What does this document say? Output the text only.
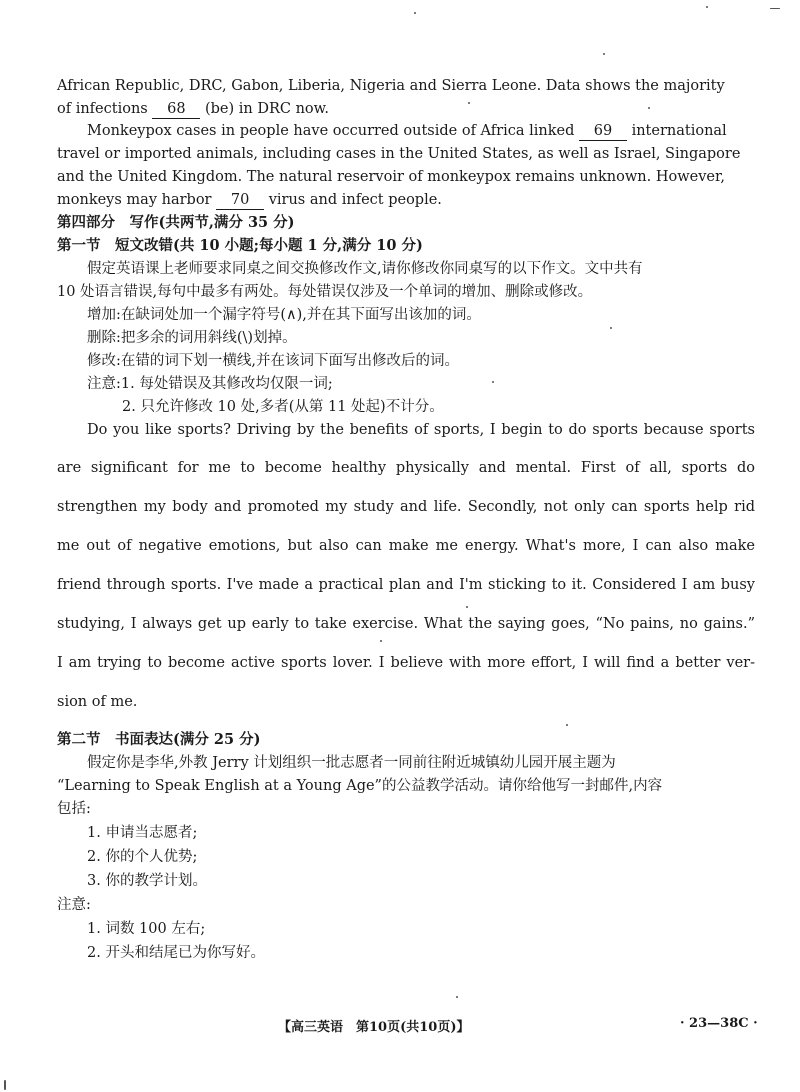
African Republic, DRC, Gabon, Liberia, Nigeria and Sierra Leone. Data shows the majority
of infections 68 (be) in DRC now.
Monkeypox cases in people have occurred outside of Africa linked 69 international
travel or imported animals, including cases in the United States, as well as Israel, Singapore
and the United Kingdom. The natural reservoir of monkeypox remains unknown. However,
monkeys may harbor 70 virus and infect people.
第四部分　写作(共两节,满分 35 分)
第一节　短文改错(共 10 小题;每小题 1 分,满分 10 分)
假定英语课上老师要求同桌之间交换修改作文,请你修改你同桌写的以下作文。文中共有
10 处语言错误,每句中最多有两处。每处错误仅涉及一个单词的增加、删除或修改。
增加:在缺词处加一个漏字符号(∧),并在其下面写出该加的词。
删除:把多余的词用斜线(\)划掉。
修改:在错的词下划一横线,并在该词下面写出修改后的词。
注意:1. 每处错误及其修改均仅限一词;
2. 只允许修改 10 处,多者(从第 11 处起)不计分。
Do you like sports? Driving by the benefits of sports, I begin to do sports because sports
are significant for me to become healthy physically and mental. First of all, sports do
strengthen my body and promoted my study and life. Secondly, not only can sports help rid
me out of negative emotions, but also can make me energy. What's more, I can also make
friend through sports. I've made a practical plan and I'm sticking to it. Considered I am busy
studying, I always get up early to take exercise. What the saying goes, “No pains, no gains.”
I am trying to become active sports lover. I believe with more effort, I will find a better ver-
sion of me.
第二节　书面表达(满分 25 分)
假定你是李华,外教 Jerry 计划组织一批志愿者一同前往附近城镇幼儿园开展主题为
“Learning to Speak English at a Young Age”的公益教学活动。请你给他写一封邮件,内容
包括:
1. 申请当志愿者;
2. 你的个人优势;
3. 你的教学计划。
注意:
1. 词数 100 左右;
2. 开头和结尾已为你写好。
【高三英语　第10页(共10页)】	· 23—38C ·
